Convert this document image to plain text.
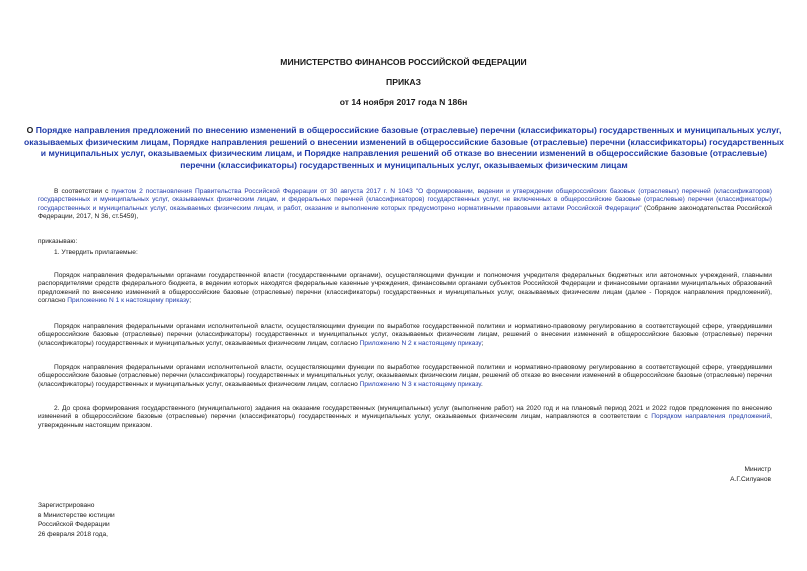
МИНИСТЕРСТВО ФИНАНСОВ РОССИЙСКОЙ ФЕДЕРАЦИИ
ПРИКАЗ
от 14 ноября 2017 года N 186н
О Порядке направления предложений по внесению изменений в общероссийские базовые (отраслевые) перечни (классификаторы) государственных и муниципальных услуг, оказываемых физическим лицам, Порядке направления решений о внесении изменений в общероссийские базовые (отраслевые) перечни (классификаторы) государственных и муниципальных услуг, оказываемых физическим лицам, и Порядке направления решений об отказе во внесении изменений в общероссийские базовые (отраслевые) перечни (классификаторы) государственных и муниципальных услуг, оказываемых физическим лицам
В соответствии с пунктом 2 постановления Правительства Российской Федерации от 30 августа 2017 г. N 1043 "О формировании, ведении и утверждении общероссийских базовых (отраслевых) перечней (классификаторов) государственных и муниципальных услуг, оказываемых физическим лицам, и федеральных перечней (классификаторов) государственных услуг, не включенных в общероссийские базовые (отраслевые) перечни (классификаторы) государственных и муниципальных услуг, оказываемых физическим лицам, и работ, оказание и выполнение которых предусмотрено нормативными правовыми актами Российской Федерации" (Собрание законодательства Российской Федерации, 2017, N 36, ст.5459),
приказываю:
1. Утвердить прилагаемые:
Порядок направления федеральными органами государственной власти (государственными органами), осуществляющими функции и полномочия учредителя федеральных бюджетных или автономных учреждений, главными распорядителями средств федерального бюджета, в ведении которых находятся федеральные казенные учреждения, финансовыми органами субъектов Российской Федерации и финансовыми органами муниципальных образований предложений по внесению изменений в общероссийские базовые (отраслевые) перечни (классификаторы) государственных и муниципальных услуг, оказываемых физическим лицам (далее - Порядок направления предложений), согласно Приложению N 1 к настоящему приказу;
Порядок направления федеральными органами исполнительной власти, осуществляющими функции по выработке государственной политики и нормативно-правовому регулированию в соответствующей сфере, утвердившими общероссийские базовые (отраслевые) перечни (классификаторы) государственных и муниципальных услуг, оказываемых физическим лицам, решений о внесении изменений в общероссийские базовые (отраслевые) перечни (классификаторы) государственных и муниципальных услуг, оказываемых физическим лицам, согласно Приложению N 2 к настоящему приказу;
Порядок направления федеральными органами исполнительной власти, осуществляющими функции по выработке государственной политики и нормативно-правовому регулированию в соответствующей сфере, утвердившими общероссийские базовые (отраслевые) перечни (классификаторы) государственных и муниципальных услуг, оказываемых физическим лицам, решений об отказе во внесении изменений в общероссийские базовые (отраслевые) перечни (классификаторы) государственных и муниципальных услуг, оказываемых физическим лицам, согласно Приложению N 3 к настоящему приказу.
2. До срока формирования государственного (муниципального) задания на оказание государственных (муниципальных) услуг (выполнение работ) на 2020 год и на плановый период 2021 и 2022 годов предложения по внесению изменений в общероссийские базовые (отраслевые) перечни (классификаторы) государственных и муниципальных услуг, оказываемых физическим лицам, направляются в соответствии с Порядком направления предложений, утвержденным настоящим приказом.
Министр
А.Г.Силуанов
Зарегистрировано
в Министерстве юстиции
Российской Федерации
26 февраля 2018 года,
